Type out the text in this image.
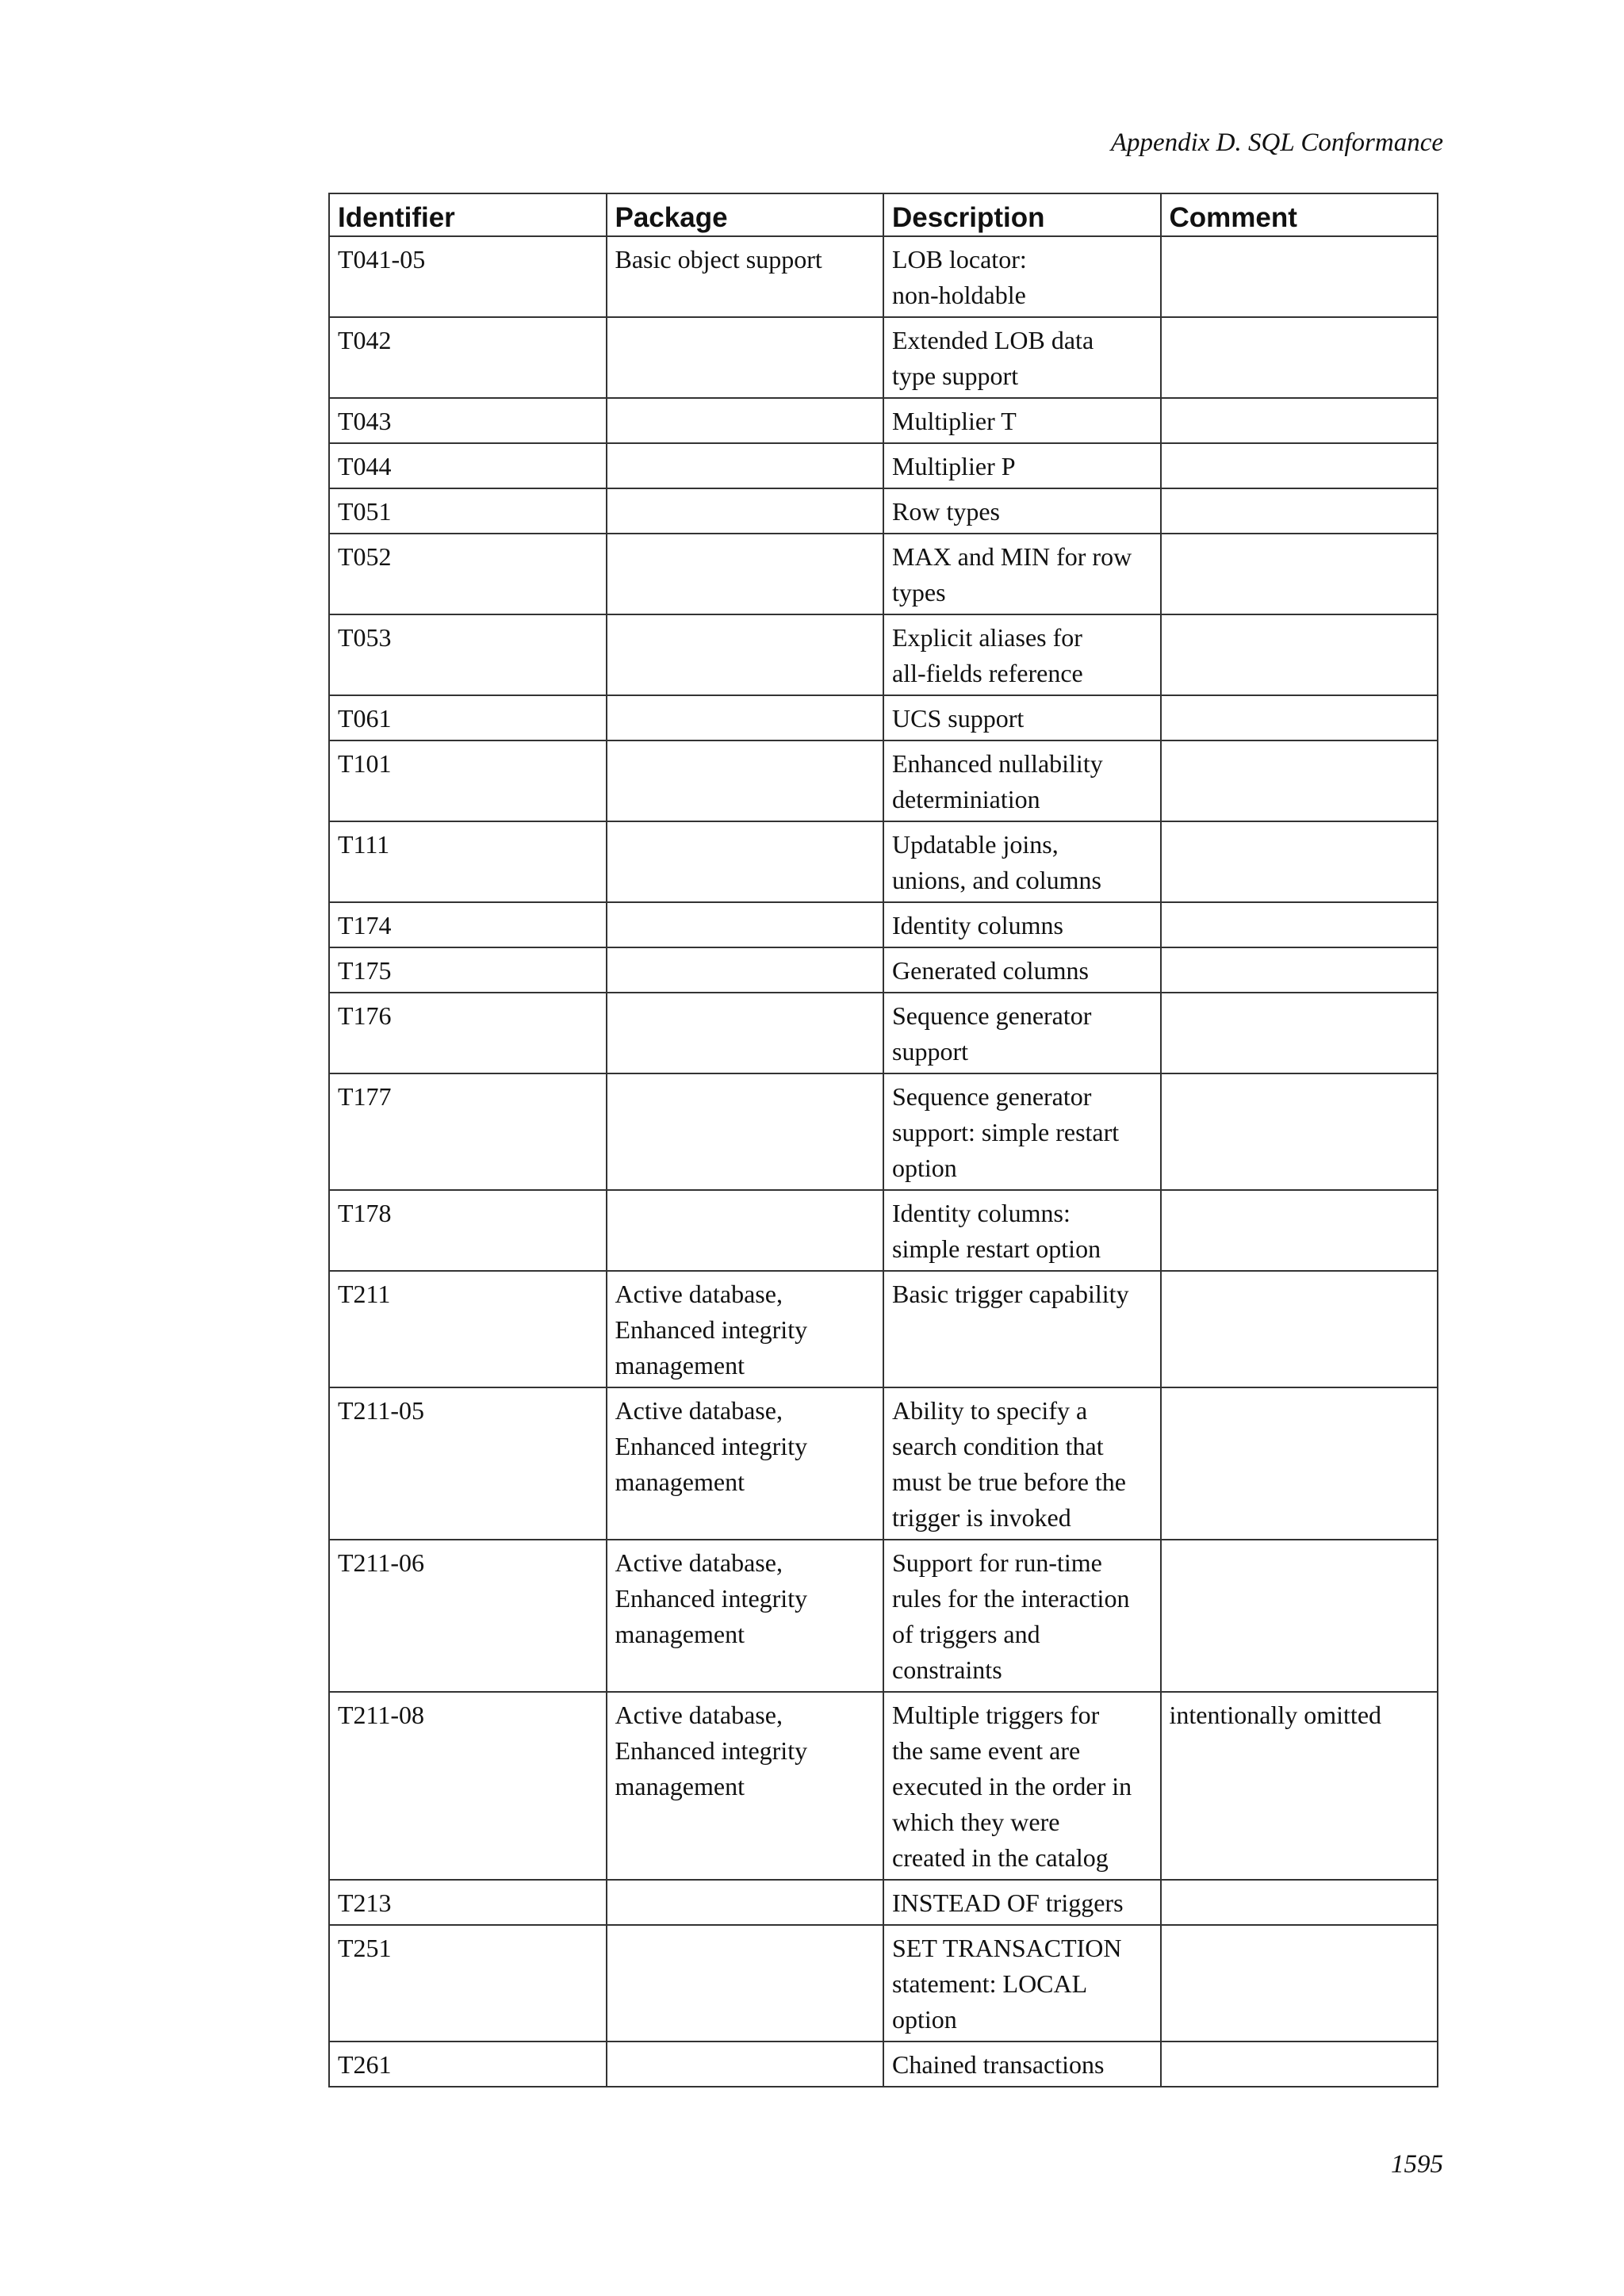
Appendix D. SQL Conformance
Identifier	Package	Description	Comment
T041-05	Basic object support	LOB locator:
non-holdable	
T042		Extended LOB data
type support	
T043		Multiplier T	
T044		Multiplier P	
T051		Row types	
T052		MAX and MIN for row
types	
T053		Explicit aliases for
all-fields reference	
T061		UCS support	
T101		Enhanced nullability
determiniation	
T111		Updatable joins,
unions, and columns	
T174		Identity columns	
T175		Generated columns	
T176		Sequence generator
support	
T177		Sequence generator
support: simple restart
option	
T178		Identity columns:
simple restart option	
T211	Active database,
Enhanced integrity
management	Basic trigger capability	
T211-05	Active database,
Enhanced integrity
management	Ability to specify a
search condition that
must be true before the
trigger is invoked	
T211-06	Active database,
Enhanced integrity
management	Support for run-time
rules for the interaction
of triggers and
constraints	
T211-08	Active database,
Enhanced integrity
management	Multiple triggers for
the same event are
executed in the order in
which they were
created in the catalog	intentionally omitted
T213		INSTEAD OF triggers	
T251		SET TRANSACTION
statement: LOCAL
option	
T261		Chained transactions	
1595
